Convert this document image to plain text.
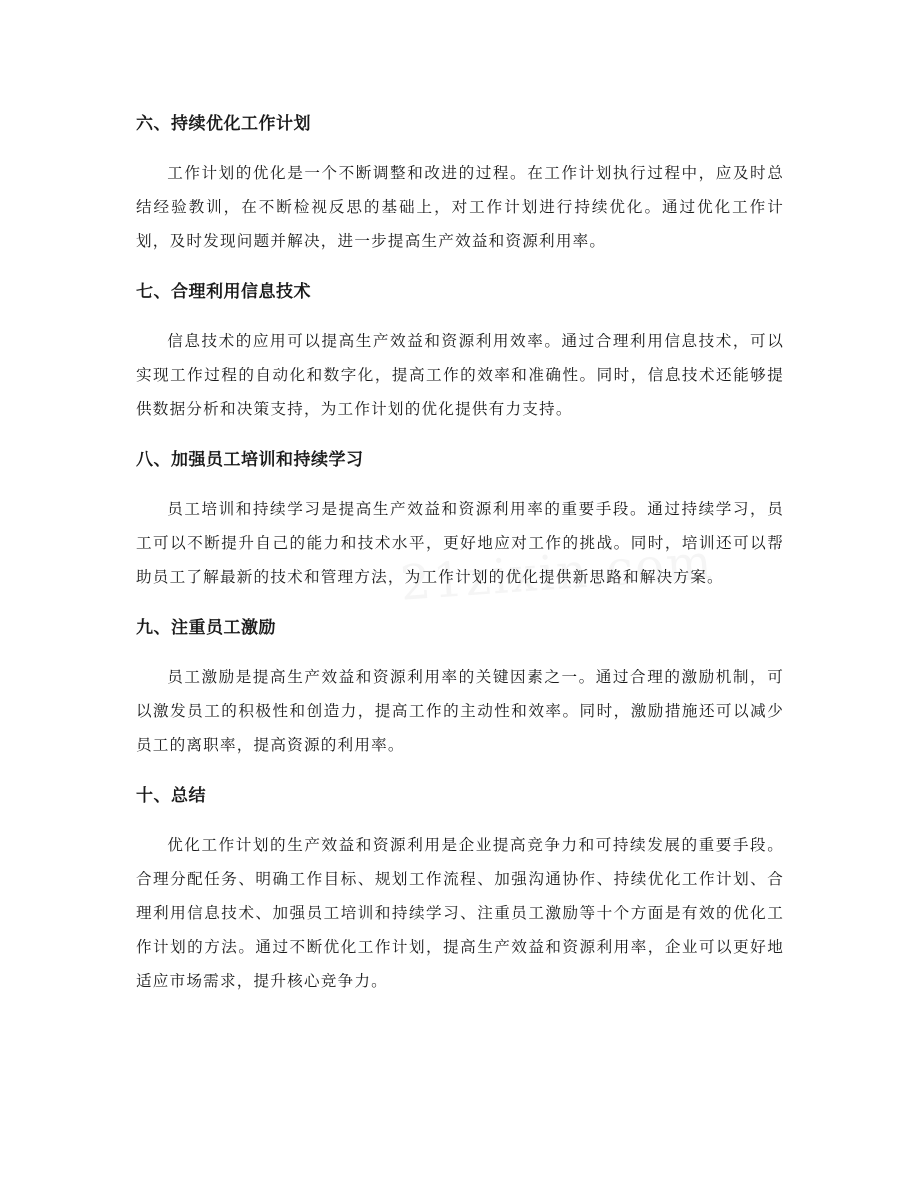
六、持续优化工作计划

工作计划的优化是一个不断调整和改进的过程。在工作计划执行过程中，应及时总结经验教训，在不断检视反思的基础上，对工作计划进行持续优化。通过优化工作计划，及时发现问题并解决，进一步提高生产效益和资源利用率。

七、合理利用信息技术

信息技术的应用可以提高生产效益和资源利用效率。通过合理利用信息技术，可以实现工作过程的自动化和数字化，提高工作的效率和准确性。同时，信息技术还能够提供数据分析和决策支持，为工作计划的优化提供有力支持。

八、加强员工培训和持续学习

员工培训和持续学习是提高生产效益和资源利用率的重要手段。通过持续学习，员工可以不断提升自己的能力和技术水平，更好地应对工作的挑战。同时，培训还可以帮助员工了解最新的技术和管理方法，为工作计划的优化提供新思路和解决方案。

九、注重员工激励

员工激励是提高生产效益和资源利用率的关键因素之一。通过合理的激励机制，可以激发员工的积极性和创造力，提高工作的主动性和效率。同时，激励措施还可以减少员工的离职率，提高资源的利用率。

十、总结

优化工作计划的生产效益和资源利用是企业提高竞争力和可持续发展的重要手段。合理分配任务、明确工作目标、规划工作流程、加强沟通协作、持续优化工作计划、合理利用信息技术、加强员工培训和持续学习、注重员工激励等十个方面是有效的优化工作计划的方法。通过不断优化工作计划，提高生产效益和资源利用率，企业可以更好地适应市场需求，提升核心竞争力。
